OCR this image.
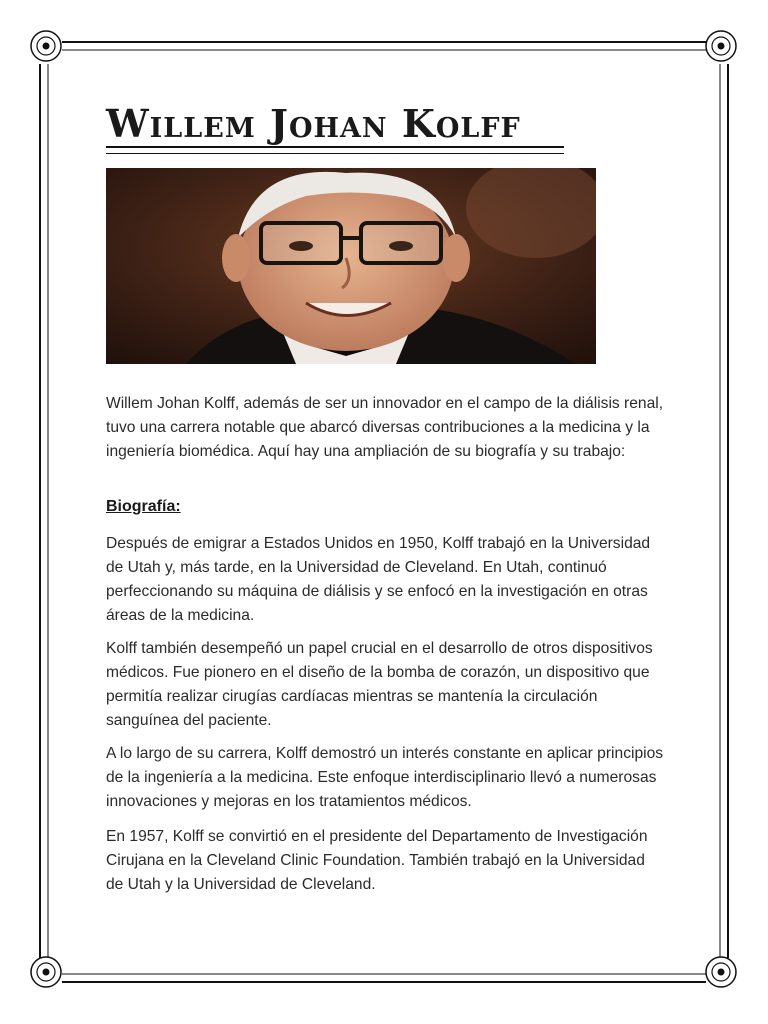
Willem Johan Kolff

Willem Johan Kolff, además de ser un innovador en el campo de la diálisis renal, tuvo una carrera notable que abarcó diversas contribuciones a la medicina y la ingeniería biomédica. Aquí hay una ampliación de su biografía y su trabajo:

Biografía:

Después de emigrar a Estados Unidos en 1950, Kolff trabajó en la Universidad de Utah y, más tarde, en la Universidad de Cleveland. En Utah, continuó perfeccionando su máquina de diálisis y se enfocó en la investigación en otras áreas de la medicina.

Kolff también desempeñó un papel crucial en el desarrollo de otros dispositivos médicos. Fue pionero en el diseño de la bomba de corazón, un dispositivo que permitía realizar cirugías cardíacas mientras se mantenía la circulación sanguínea del paciente.

A lo largo de su carrera, Kolff demostró un interés constante en aplicar principios de la ingeniería a la medicina. Este enfoque interdisciplinario llevó a numerosas innovaciones y mejoras en los tratamientos médicos.

En 1957, Kolff se convirtió en el presidente del Departamento de Investigación Cirujana en la Cleveland Clinic Foundation. También trabajó en la Universidad de Utah y la Universidad de Cleveland.
